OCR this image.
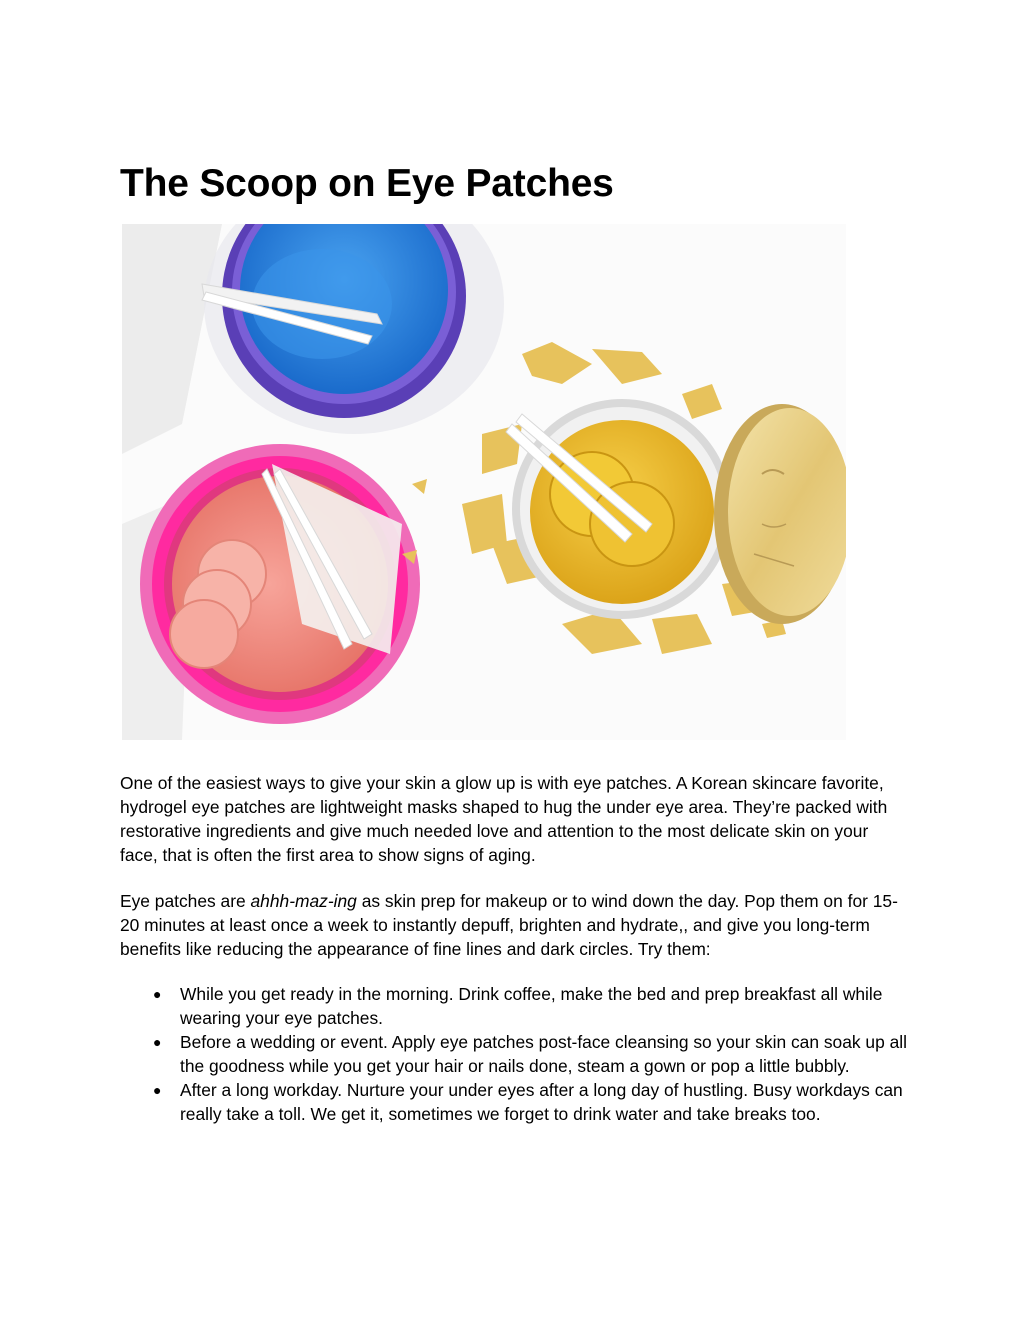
The Scoop on Eye Patches

One of the easiest ways to give your skin a glow up is with eye patches. A Korean skincare favorite, hydrogel eye patches are lightweight masks shaped to hug the under eye area. They’re packed with restorative ingredients and give much needed love and attention to the most delicate skin on your face, that is often the first area to show signs of aging.

Eye patches are ahhh-maz-ing as skin prep for makeup or to wind down the day. Pop them on for 15-20 minutes at least once a week to instantly depuff, brighten and hydrate,, and give you long-term benefits like reducing the appearance of fine lines and dark circles. Try them:

● While you get ready in the morning. Drink coffee, make the bed and prep breakfast all while wearing your eye patches.
● Before a wedding or event. Apply eye patches post-face cleansing so your skin can soak up all the goodness while you get your hair or nails done, steam a gown or pop a little bubbly.
● After a long workday. Nurture your under eyes after a long day of hustling. Busy workdays can really take a toll. We get it, sometimes we forget to drink water and take breaks too.
